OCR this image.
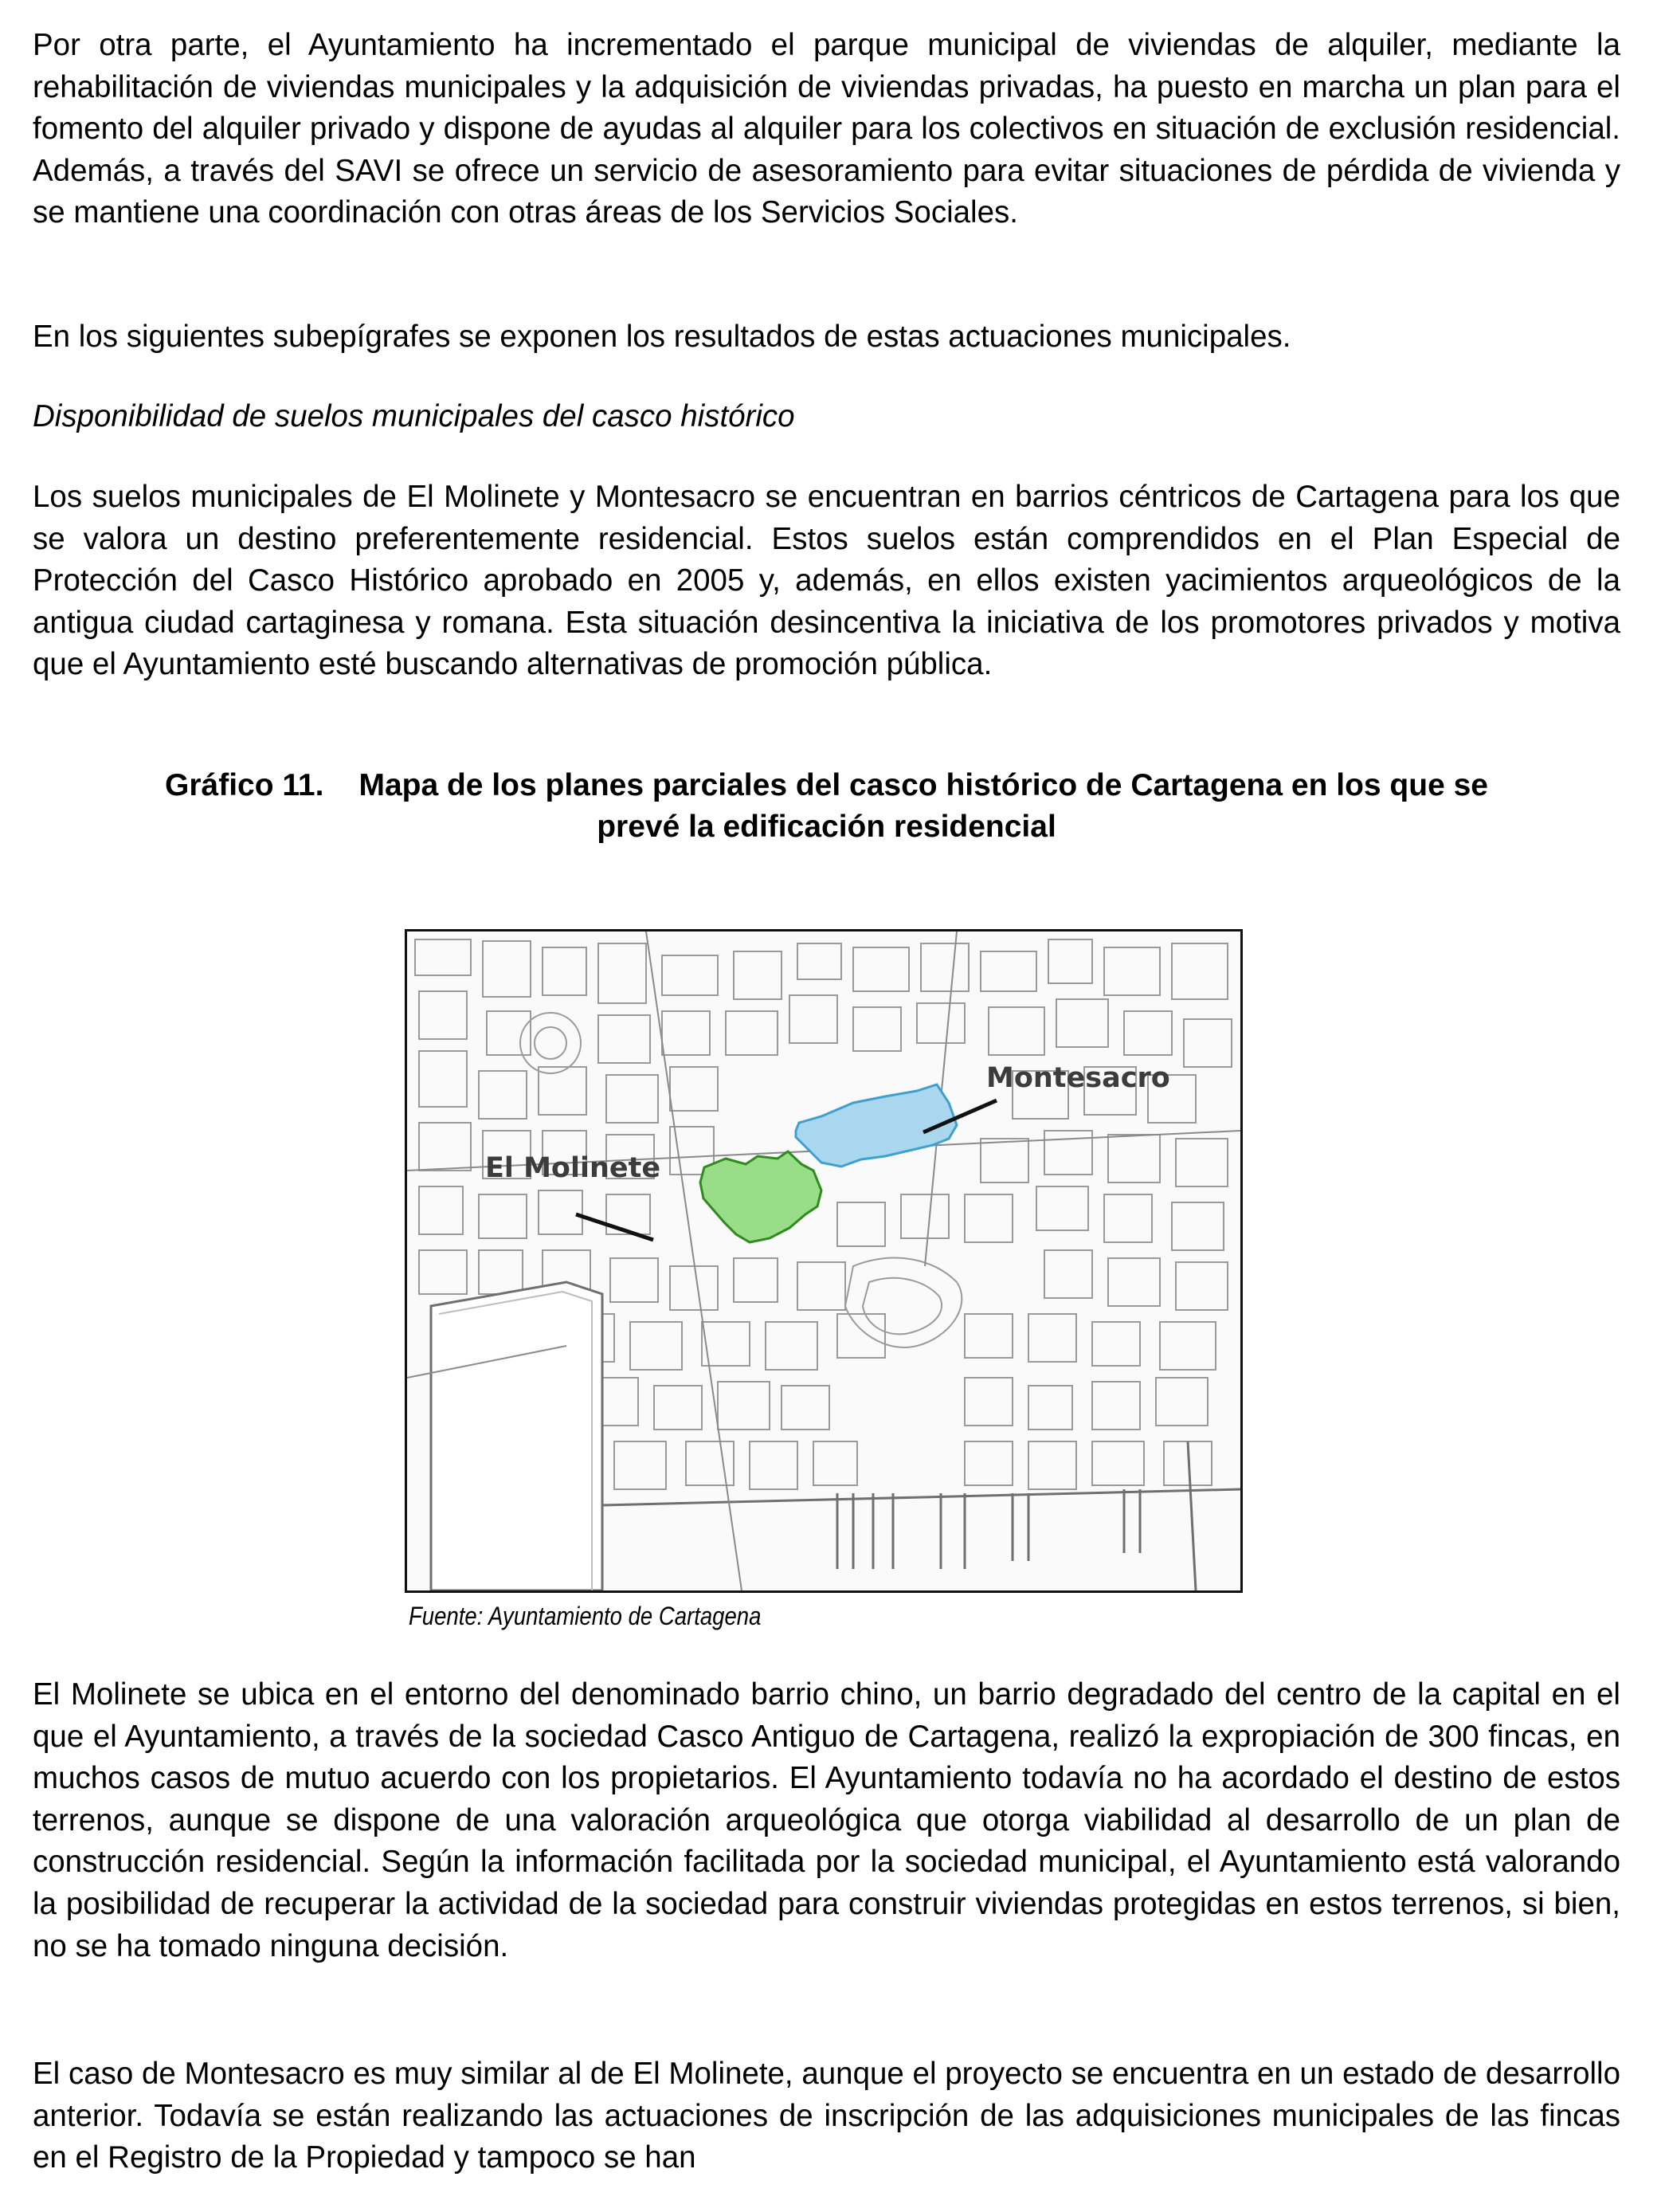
Por otra parte, el Ayuntamiento ha incrementado el parque municipal de viviendas de alquiler, mediante la rehabilitación de viviendas municipales y la adquisición de viviendas privadas, ha puesto en marcha un plan para el fomento del alquiler privado y dispone de ayudas al alquiler para los colectivos en situación de exclusión residencial. Además, a través del SAVI se ofrece un servicio de asesoramiento para evitar situaciones de pérdida de vivienda y se mantiene una coordinación con otras áreas de los Servicios Sociales.

En los siguientes subepígrafes se exponen los resultados de estas actuaciones municipales.

Disponibilidad de suelos municipales del casco histórico

Los suelos municipales de El Molinete y Montesacro se encuentran en barrios céntricos de Cartagena para los que se valora un destino preferentemente residencial. Estos suelos están comprendidos en el Plan Especial de Protección del Casco Histórico aprobado en 2005 y, además, en ellos existen yacimientos arqueológicos de la antigua ciudad cartaginesa y romana. Esta situación desincentiva la iniciativa de los promotores privados y motiva que el Ayuntamiento esté buscando alternativas de promoción pública.

Gráfico 11. Mapa de los planes parciales del casco histórico de Cartagena en los que se
prevé la edificación residencial
Montesacro
El Molinete
Fuente: Ayuntamiento de Cartagena

El Molinete se ubica en el entorno del denominado barrio chino, un barrio degradado del centro de la capital en el que el Ayuntamiento, a través de la sociedad Casco Antiguo de Cartagena, realizó la expropiación de 300 fincas, en muchos casos de mutuo acuerdo con los propietarios. El Ayuntamiento todavía no ha acordado el destino de estos terrenos, aunque se dispone de una valoración arqueológica que otorga viabilidad al desarrollo de un plan de construcción residencial. Según la información facilitada por la sociedad municipal, el Ayuntamiento está valorando la posibilidad de recuperar la actividad de la sociedad para construir viviendas protegidas en estos terrenos, si bien, no se ha tomado ninguna decisión.

El caso de Montesacro es muy similar al de El Molinete, aunque el proyecto se encuentra en un estado de desarrollo anterior. Todavía se están realizando las actuaciones de inscripción de las adquisiciones municipales de las fincas en el Registro de la Propiedad y tampoco se han
